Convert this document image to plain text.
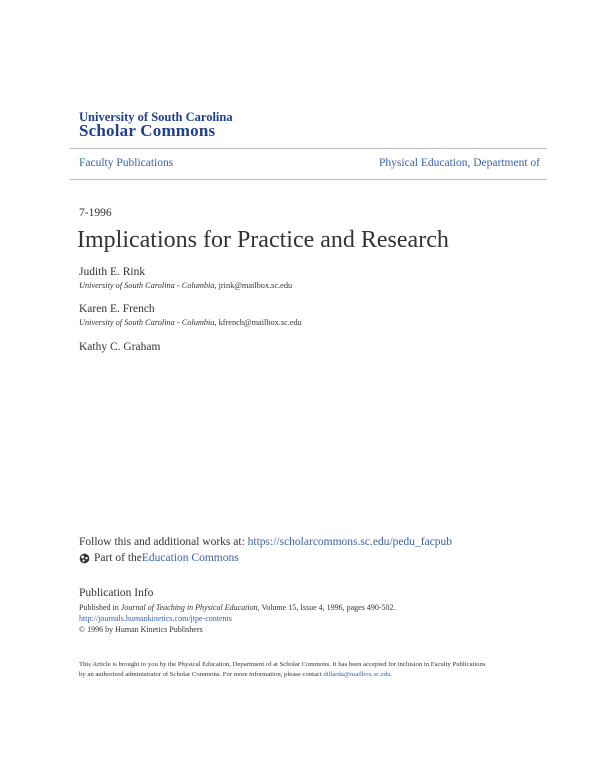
University of South Carolina
Scholar Commons
Faculty Publications	Physical Education, Department of
7-1996
Implications for Practice and Research
Judith E. Rink
University of South Carolina - Columbia, jrink@mailbox.sc.edu
Karen E. French
University of South Carolina - Columbia, kfrench@mailbox.sc.edu
Kathy C. Graham
Follow this and additional works at: https://scholarcommons.sc.edu/pedu_facpub
Part of the Education Commons
Publication Info
Published in Journal of Teaching in Physical Education, Volume 15, Issue 4, 1996, pages 490-502.
http://journals.humankinetics.com/jtpe-contents
© 1996 by Human Kinetics Publishers
This Article is brought to you by the Physical Education, Department of at Scholar Commons. It has been accepted for inclusion in Faculty Publications
by an authorized administrator of Scholar Commons. For more information, please contact dillarda@mailbox.sc.edu.
